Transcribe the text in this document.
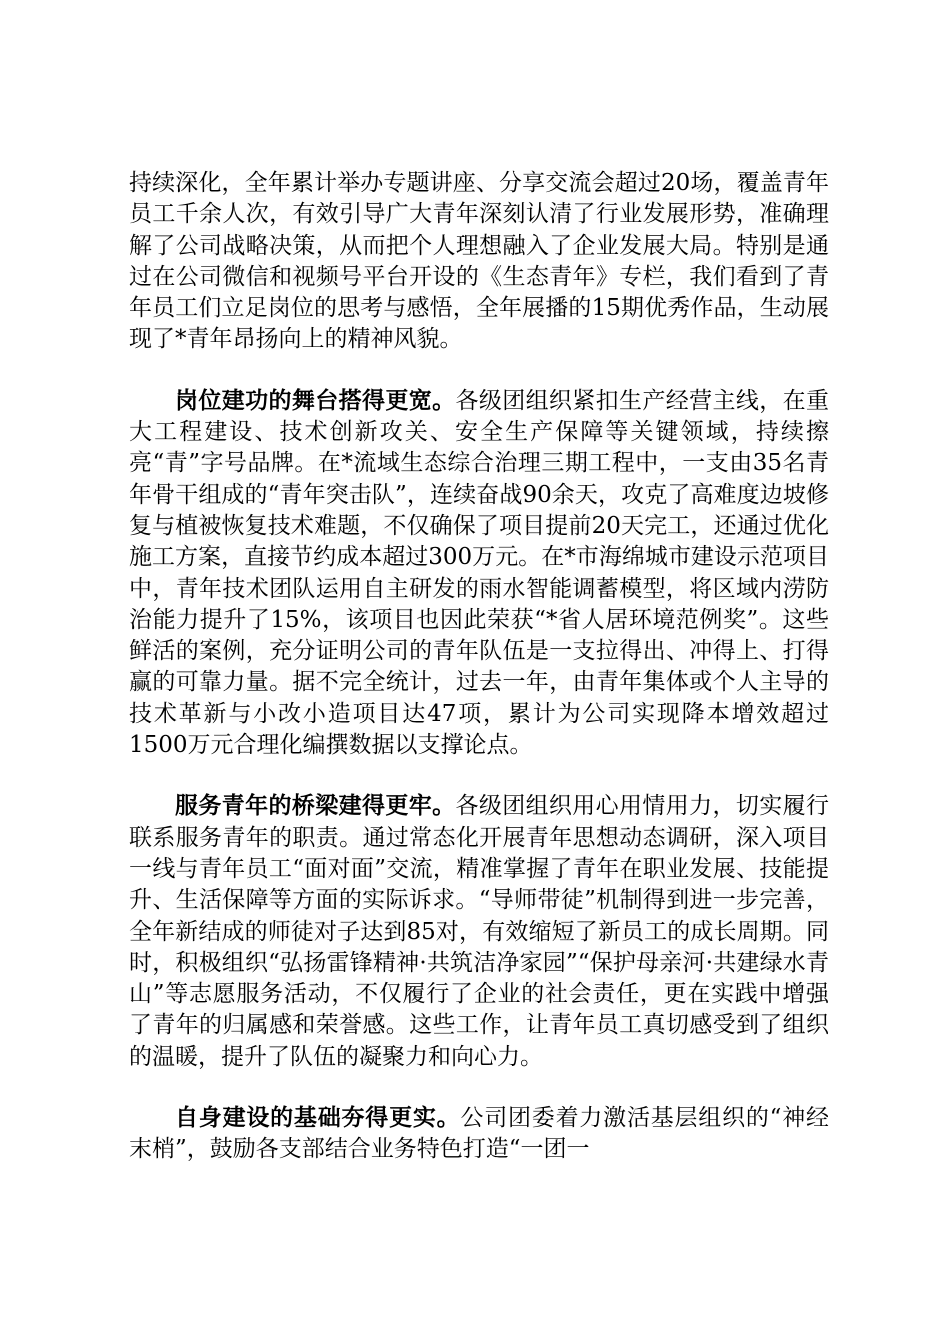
持续深化，全年累计举办专题讲座、分享交流会超过20场，覆盖青年员工千余人次，有效引导广大青年深刻认清了行业发展形势，准确理解了公司战略决策，从而把个人理想融入了企业发展大局。特别是通过在公司微信和视频号平台开设的《生态青年》专栏，我们看到了青年员工们立足岗位的思考与感悟，全年展播的15期优秀作品，生动展现了*青年昂扬向上的精神风貌。

岗位建功的舞台搭得更宽。各级团组织紧扣生产经营主线，在重大工程建设、技术创新攻关、安全生产保障等关键领域，持续擦亮“青”字号品牌。在*流域生态综合治理三期工程中，一支由35名青年骨干组成的“青年突击队”，连续奋战90余天，攻克了高难度边坡修复与植被恢复技术难题，不仅确保了项目提前20天完工，还通过优化施工方案，直接节约成本超过300万元。在*市海绵城市建设示范项目中，青年技术团队运用自主研发的雨水智能调蓄模型，将区域内涝防治能力提升了15%，该项目也因此荣获“*省人居环境范例奖”。这些鲜活的案例，充分证明公司的青年队伍是一支拉得出、冲得上、打得赢的可靠力量。据不完全统计，过去一年，由青年集体或个人主导的技术革新与小改小造项目达47项，累计为公司实现降本增效超过1500万元合理化编撰数据以支撑论点。

服务青年的桥梁建得更牢。各级团组织用心用情用力，切实履行联系服务青年的职责。通过常态化开展青年思想动态调研，深入项目一线与青年员工“面对面”交流，精准掌握了青年在职业发展、技能提升、生活保障等方面的实际诉求。“导师带徒”机制得到进一步完善，全年新结成的师徒对子达到85对，有效缩短了新员工的成长周期。同时，积极组织“弘扬雷锋精神·共筑洁净家园”“保护母亲河·共建绿水青山”等志愿服务活动，不仅履行了企业的社会责任，更在实践中增强了青年的归属感和荣誉感。这些工作，让青年员工真切感受到了组织的温暖，提升了队伍的凝聚力和向心力。

自身建设的基础夯得更实。公司团委着力激活基层组织的“神经末梢”，鼓励各支部结合业务特色打造“一团一
